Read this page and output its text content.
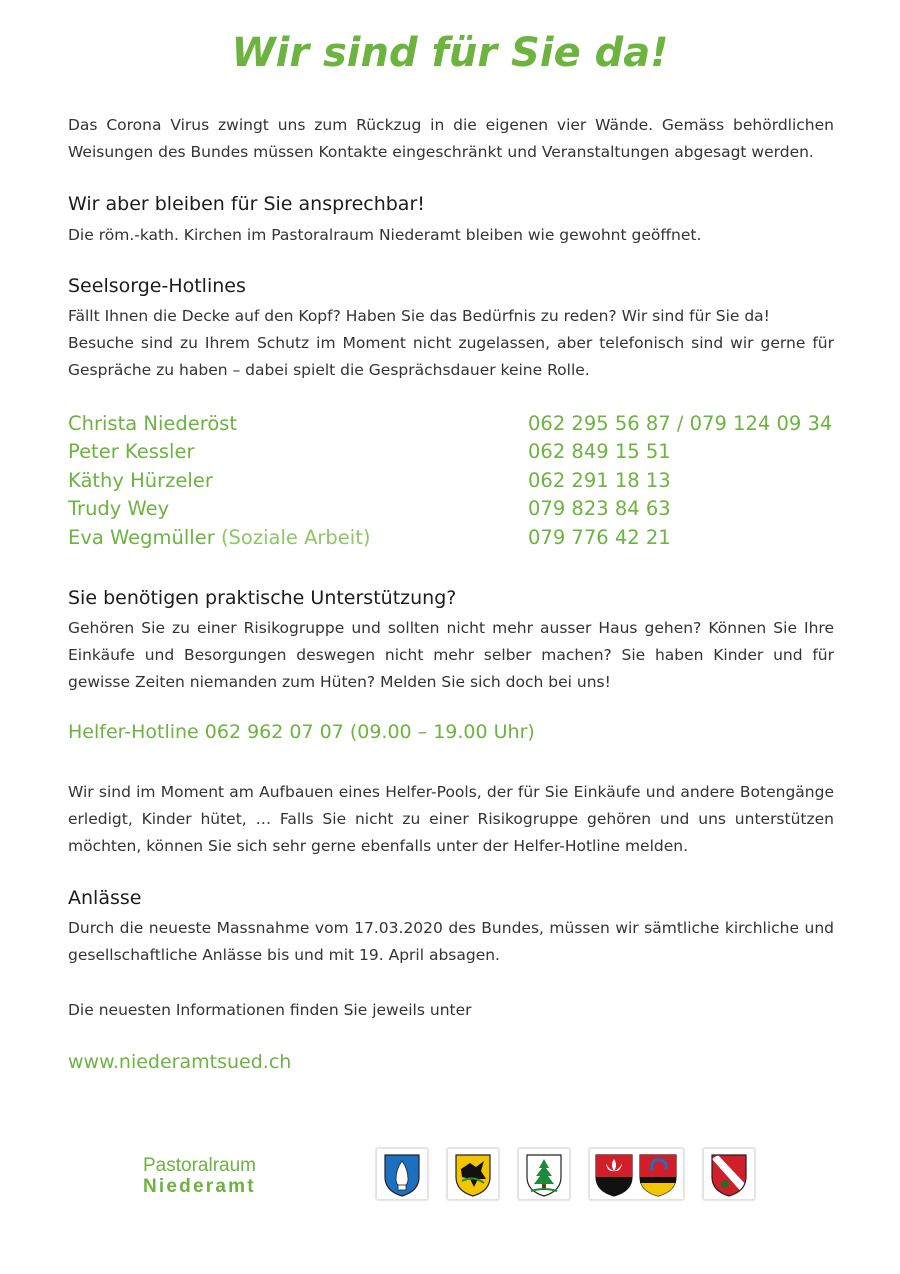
Wir sind für Sie da!

Das Corona Virus zwingt uns zum Rückzug in die eigenen vier Wände. Gemäss behördlichen Weisungen des Bundes müssen Kontakte eingeschränkt und Veranstaltungen abgesagt werden.

Wir aber bleiben für Sie ansprechbar!

Die röm.-kath. Kirchen im Pastoralraum Niederamt bleiben wie gewohnt geöffnet.

Seelsorge-Hotlines

Fällt Ihnen die Decke auf den Kopf? Haben Sie das Bedürfnis zu reden? Wir sind für Sie da!

Besuche sind zu Ihrem Schutz im Moment nicht zugelassen, aber telefonisch sind wir gerne für Gespräche zu haben – dabei spielt die Gesprächsdauer keine Rolle.

Christa Niederöst	062 295 56 87 / 079 124 09 34
Peter Kessler	062 849 15 51
Käthy Hürzeler	062 291 18 13
Trudy Wey	079 823 84 63
Eva Wegmüller (Soziale Arbeit)	079 776 42 21
Sie benötigen praktische Unterstützung?

Gehören Sie zu einer Risikogruppe und sollten nicht mehr ausser Haus gehen? Können Sie Ihre Einkäufe und Besorgungen deswegen nicht mehr selber machen? Sie haben Kinder und für gewisse Zeiten niemanden zum Hüten? Melden Sie sich doch bei uns!

Helfer-Hotline 062 962 07 07 (09.00 – 19.00 Uhr)

Wir sind im Moment am Aufbauen eines Helfer-Pools, der für Sie Einkäufe und andere Botengänge erledigt, Kinder hütet, … Falls Sie nicht zu einer Risikogruppe gehören und uns unterstützen möchten, können Sie sich sehr gerne ebenfalls unter der Helfer-Hotline melden.

Anlässe

Durch die neueste Massnahme vom 17.03.2020 des Bundes, müssen wir sämtliche kirchliche und gesellschaftliche Anlässe bis und mit 19. April absagen.

Die neuesten Informationen finden Sie jeweils unter

www.niederamtsued.ch

Pastoralraum
Niederamt
